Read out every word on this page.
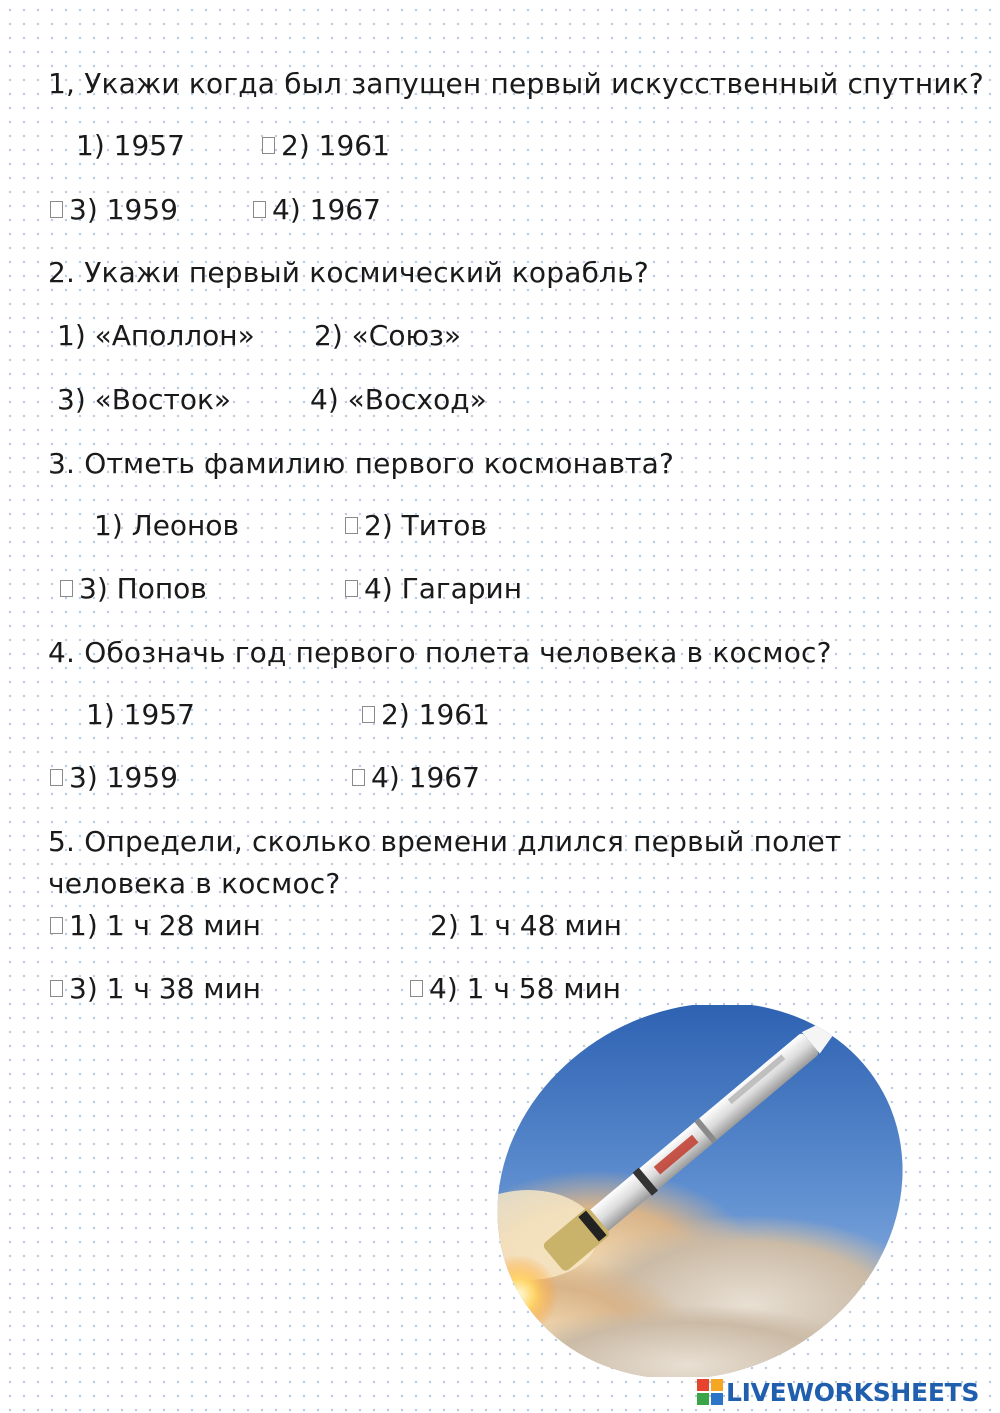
1, Укажи когда был запущен первый искусственный спутник?
1) 1957	2) 1961
3) 1959	4) 1967
2. Укажи первый космический корабль?
1) «Аполлон» 2) «Союз»
3) «Восток»	4) «Восход»
3. Отметь фамилию первого космонавта?
1) Леонов	2) Титов
3) Попов	4) Гагарин
4. Обозначь год первого полета человека в космос?
1) 1957	2) 1961
3) 1959	4) 1967
5. Определи, сколько времени длился первый полет
человека в космос?
1) 1 ч 28 мин	2) 1 ч 48 мин
3) 1 ч 38 мин	4) 1 ч 58 мин
LIVEWORKSHEETS
